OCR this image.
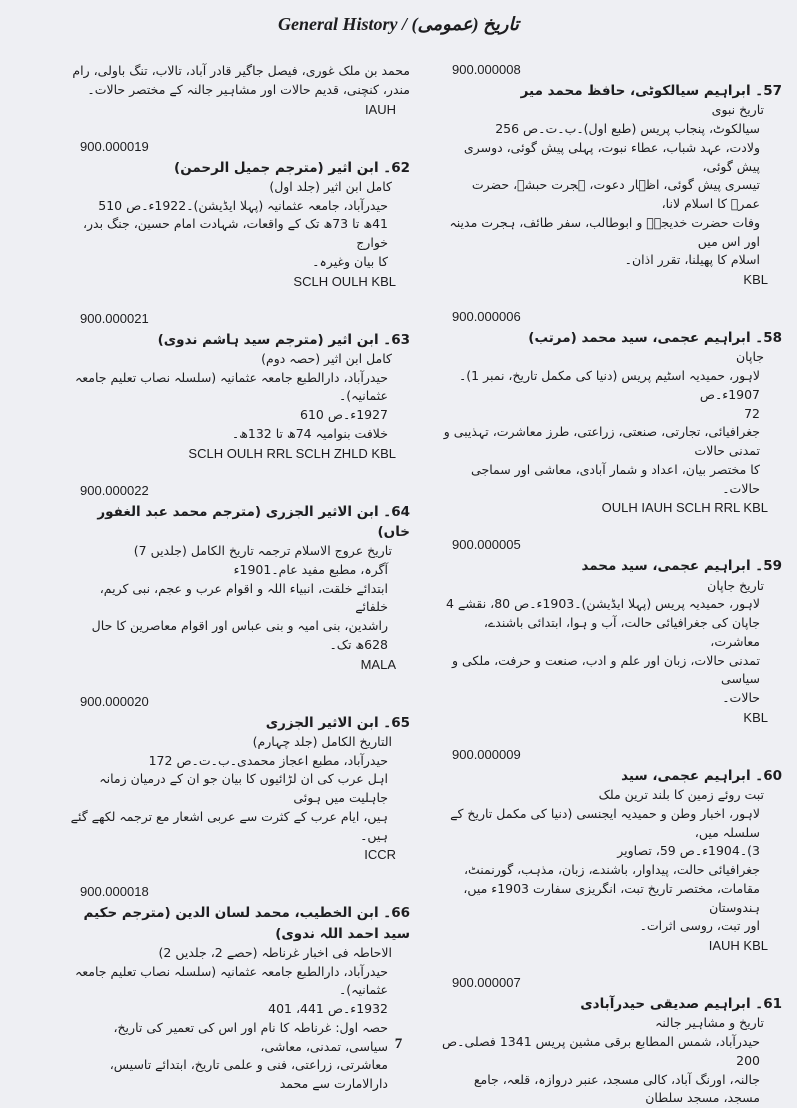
General History / تاریخ (عمومی)
900.000008
57۔ ابراہیم سیالکوٹی، حافظ محمد میر
تاریخ نبوی
سیالکوٹ، پنجاب پریس (طبع اول)۔ب۔ت۔ص 256
ولادت، عہد شباب، عطاء نبوت، پہلی پیش گوئی، دوسری پیش گوئی،
تیسری پیش گوئی، اظہار دعوت، ہجرت حبشہ، حضرت عمرؓ کا اسلام لانا،
وفات حضرت خدیجہؓ و ابوطالب، سفر طائف، ہجرت مدینہ اور اس میں
اسلام کا پھیلنا، تقرر اذان۔
KBL
900.000006
58۔ ابراہیم عجمی، سید محمد (مرتب)
جاپان
لاہور، حمیدیہ اسٹیم پریس (دنیا کی مکمل تاریخ، نمبر 1)۔1907ء۔ص
72
جغرافیائی، تجارتی، صنعتی، زراعتی، طرز معاشرت، تہذیبی و تمدنی حالات
کا مختصر بیان، اعداد و شمار آبادی، معاشی اور سماجی حالات۔
OULH IAUH SCLH RRL KBL
900.000005
59۔ ابراہیم عجمی، سید محمد
تاریخ جاپان
لاہور، حمیدیہ پریس (پہلا ایڈیشن)۔1903ء۔ص 80، نقشے 4
جاپان کی جغرافیائی حالت، آب و ہوا، ابتدائی باشندے، معاشرت،
تمدنی حالات، زبان اور علم و ادب، صنعت و حرفت، ملکی و سیاسی
حالات۔
KBL
900.000009
60۔ ابراہیم عجمی، سید
تبت روئے زمین کا بلند ترین ملک
لاہور، اخبار وطن و حمیدیہ ایجنسی (دنیا کی مکمل تاریخ کے سلسلہ میں،
3)۔1904ء۔ص 59، تصاویر
جغرافیائی حالت، پیداوار، باشندے، زبان، مذہب، گورنمنٹ،
مقامات، مختصر تاریخ تبت، انگریزی سفارت 1903ء میں، ہندوستان
اور تبت، روسی اثرات۔
IAUH KBL
900.000007
61۔ ابراہیم صدیقی حیدرآبادی
تاریخ و مشاہیر جالنہ
حیدرآباد، شمس المطابع برقی مشین پریس 1341 فصلی۔ص 200
جالنہ، اورنگ آباد، کالی مسجد، عنبر دروازہ، قلعہ، جامع مسجد، مسجد سلطان
محمد بن ملک غوری، فیصل جاگیر قادر آباد، تالاب، تنگ باولی، رام
مندر، کنچنی، قدیم حالات اور مشاہیر جالنہ کے مختصر حالات۔
IAUH
900.000019
62۔ ابن اثیر (مترجم جمیل الرحمن)
کامل ابن اثیر (جلد اول)
حیدرآباد، جامعہ عثمانیہ (پہلا ایڈیشن)۔1922ء۔ص 510
41ھ تا 73ھ تک کے واقعات، شہادت امام حسین، جنگ بدر، خوارج
کا بیان وغیرہ۔
SCLH OULH KBL
900.000021
63۔ ابن اثیر (مترجم سید ہاشم ندوی)
کامل ابن اثیر (حصہ دوم)
حیدرآباد، دارالطبع جامعہ عثمانیہ (سلسلہ نصاب تعلیم جامعہ عثمانیہ)۔
1927ء۔ص 610
خلافت بنوامیہ 74ھ تا 132ھ۔
SCLH OULH RRL SCLH ZHLD KBL
900.000022
64۔ ابن الاثیر الجزری (مترجم محمد عبد الغفور خاں)
تاریخ عروج الاسلام ترجمہ تاریخ الکامل (جلدیں 7)
آگرہ، مطبع مفید عام۔1901ء
ابتدائے خلقت، انبیاء اللہ و اقوام عرب و عجم، نبی کریم، خلفائے
راشدین، بنی امیہ و بنی عباس اور اقوام معاصرین کا حال 628ھ تک۔
MALA
900.000020
65۔ ابن الاثیر الجزری
التاریخ الکامل (جلد چہارم)
حیدرآباد، مطبع اعجاز محمدی۔ب۔ت۔ص 172
اہل عرب کی ان لڑائیوں کا بیان جو ان کے درمیان زمانہ جاہلیت میں ہوئی
ہیں، ایام عرب کے کثرت سے عربی اشعار مع ترجمہ لکھے گئے ہیں۔
ICCR
900.000018
66۔ ابن الخطیب، محمد لسان الدین (مترجم حکیم سید احمد اللہ ندوی)
الاحاطہ فی اخبار غرناطہ (حصے 2، جلدیں 2)
حیدرآباد، دارالطبع جامعہ عثمانیہ (سلسلہ نصاب تعلیم جامعہ عثمانیہ)۔
1932ء۔ص 441، 401
حصہ اول: غرناطہ کا نام اور اس کی تعمیر کی تاریخ، سیاسی، تمدنی، معاشی،
معاشرتی، زراعتی، فنی و علمی تاریخ، ابتدائے تاسیس، دارالامارت سے محمد
7
